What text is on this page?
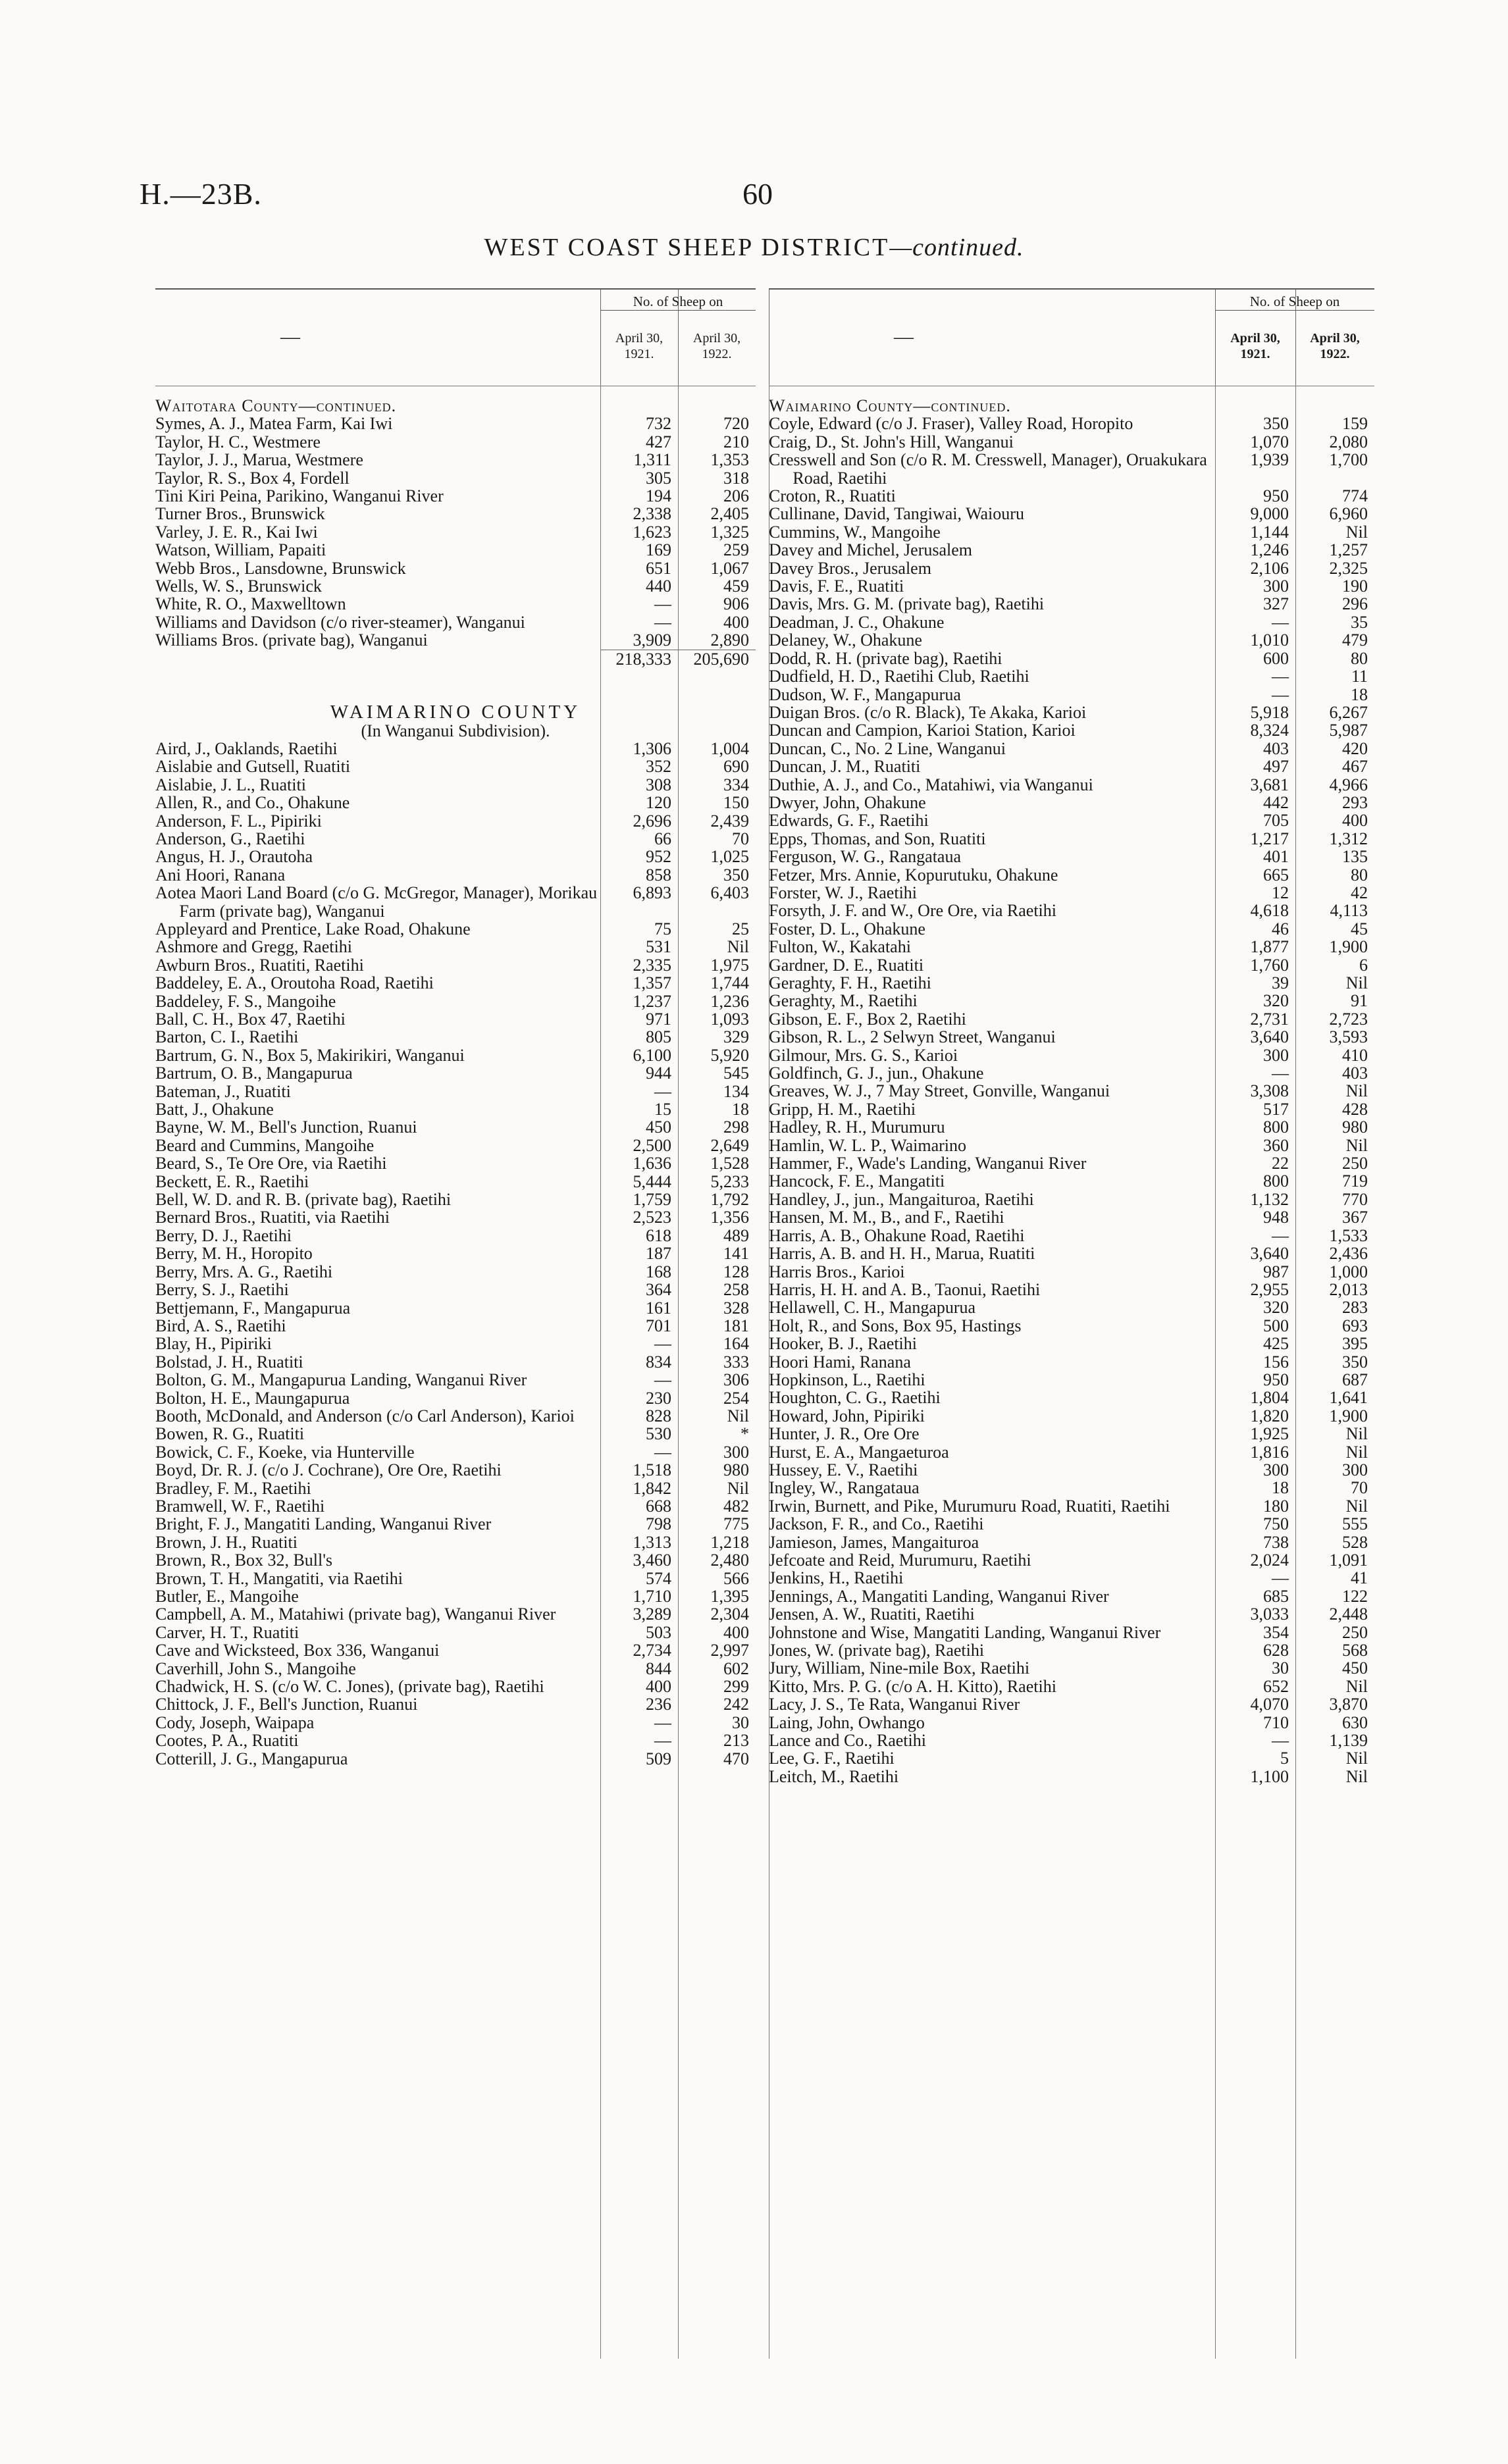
H.—23B.	60
WEST COAST SHEEP DISTRICT—continued.
—
No. of Sheep on
April 30,
1921.
April 30,
1922.
Waitotara County—continued.
Symes, A. J., Matea Farm, Kai Iwi	732	720
Taylor, H. C., Westmere	427	210
Taylor, J. J., Marua, Westmere	1,311	1,353
Taylor, R. S., Box 4, Fordell	305	318
Tini Kiri Peina, Parikino, Wanganui River	194	206
Turner Bros., Brunswick	2,338	2,405
Varley, J. E. R., Kai Iwi	1,623	1,325
Watson, William, Papaiti	169	259
Webb Bros., Lansdowne, Brunswick	651	1,067
Wells, W. S., Brunswick	440	459
White, R. O., Maxwelltown	—	906
Williams and Davidson (c/o river-steamer), Wanganui	—	400
Williams Bros. (private bag), Wanganui	3,909	2,890
218,333	205,690
WAIMARINO COUNTY
(In Wanganui Subdivision).
Aird, J., Oaklands, Raetihi	1,306	1,004
Aislabie and Gutsell, Ruatiti	352	690
Aislabie, J. L., Ruatiti	308	334
Allen, R., and Co., Ohakune	120	150
Anderson, F. L., Pipiriki	2,696	2,439
Anderson, G., Raetihi	66	70
Angus, H. J., Orautoha	952	1,025
Ani Hoori, Ranana	858	350
Aotea Maori Land Board (c/o G. McGregor, Manager), Morikau Farm (private bag), Wanganui
6,893	6,403
Appleyard and Prentice, Lake Road, Ohakune	75	25
Ashmore and Gregg, Raetihi	531	Nil
Awburn Bros., Ruatiti, Raetihi	2,335	1,975
Baddeley, E. A., Oroutoha Road, Raetihi	1,357	1,744
Baddeley, F. S., Mangoihe	1,237	1,236
Ball, C. H., Box 47, Raetihi	971	1,093
Barton, C. I., Raetihi	805	329
Bartrum, G. N., Box 5, Makirikiri, Wanganui	6,100	5,920
Bartrum, O. B., Mangapurua	944	545
Bateman, J., Ruatiti	—	134
Batt, J., Ohakune	15	18
Bayne, W. M., Bell's Junction, Ruanui	450	298
Beard and Cummins, Mangoihe	2,500	2,649
Beard, S., Te Ore Ore, via Raetihi	1,636	1,528
Beckett, E. R., Raetihi	5,444	5,233
Bell, W. D. and R. B. (private bag), Raetihi	1,759	1,792
Bernard Bros., Ruatiti, via Raetihi	2,523	1,356
Berry, D. J., Raetihi	618	489
Berry, M. H., Horopito	187	141
Berry, Mrs. A. G., Raetihi	168	128
Berry, S. J., Raetihi	364	258
Bettjemann, F., Mangapurua	161	328
Bird, A. S., Raetihi	701	181
Blay, H., Pipiriki	—	164
Bolstad, J. H., Ruatiti	834	333
Bolton, G. M., Mangapurua Landing, Wanganui River	—	306
Bolton, H. E., Maungapurua	230	254
Booth, McDonald, and Anderson (c/o Carl Anderson), Karioi	828	Nil
Bowen, R. G., Ruatiti	530	*
Bowick, C. F., Koeke, via Hunterville	—	300
Boyd, Dr. R. J. (c/o J. Cochrane), Ore Ore, Raetihi	1,518	980
Bradley, F. M., Raetihi	1,842	Nil
Bramwell, W. F., Raetihi	668	482
Bright, F. J., Mangatiti Landing, Wanganui River	798	775
Brown, J. H., Ruatiti	1,313	1,218
Brown, R., Box 32, Bull's	3,460	2,480
Brown, T. H., Mangatiti, via Raetihi	574	566
Butler, E., Mangoihe	1,710	1,395
Campbell, A. M., Matahiwi (private bag), Wanganui River	3,289	2,304
Carver, H. T., Ruatiti	503	400
Cave and Wicksteed, Box 336, Wanganui	2,734	2,997
Caverhill, John S., Mangoihe	844	602
Chadwick, H. S. (c/o W. C. Jones), (private bag), Raetihi	400	299
Chittock, J. F., Bell's Junction, Ruanui	236	242
Cody, Joseph, Waipapa	—	30
Cootes, P. A., Ruatiti	—	213
Cotterill, J. G., Mangapurua	509	470
—
No. of Sheep on
April 30,
1921.
April 30,
1922.
Waimarino County—continued.
Coyle, Edward (c/o J. Fraser), Valley Road, Horopito	350	159
Craig, D., St. John's Hill, Wanganui	1,070	2,080
Cresswell and Son (c/o R. M. Cresswell, Manager), Oruakukara Road, Raetihi
1,939	1,700
Croton, R., Ruatiti	950	774
Cullinane, David, Tangiwai, Waiouru	9,000	6,960
Cummins, W., Mangoihe	1,144	Nil
Davey and Michel, Jerusalem	1,246	1,257
Davey Bros., Jerusalem	2,106	2,325
Davis, F. E., Ruatiti	300	190
Davis, Mrs. G. M. (private bag), Raetihi	327	296
Deadman, J. C., Ohakune	—	35
Delaney, W., Ohakune	1,010	479
Dodd, R. H. (private bag), Raetihi	600	80
Dudfield, H. D., Raetihi Club, Raetihi	—	11
Dudson, W. F., Mangapurua	—	18
Duigan Bros. (c/o R. Black), Te Akaka, Karioi	5,918	6,267
Duncan and Campion, Karioi Station, Karioi	8,324	5,987
Duncan, C., No. 2 Line, Wanganui	403	420
Duncan, J. M., Ruatiti	497	467
Duthie, A. J., and Co., Matahiwi, via Wanganui	3,681	4,966
Dwyer, John, Ohakune	442	293
Edwards, G. F., Raetihi	705	400
Epps, Thomas, and Son, Ruatiti	1,217	1,312
Ferguson, W. G., Rangataua	401	135
Fetzer, Mrs. Annie, Kopurutuku, Ohakune	665	80
Forster, W. J., Raetihi	12	42
Forsyth, J. F. and W., Ore Ore, via Raetihi	4,618	4,113
Foster, D. L., Ohakune	46	45
Fulton, W., Kakatahi	1,877	1,900
Gardner, D. E., Ruatiti	1,760	6
Geraghty, F. H., Raetihi	39	Nil
Geraghty, M., Raetihi	320	91
Gibson, E. F., Box 2, Raetihi	2,731	2,723
Gibson, R. L., 2 Selwyn Street, Wanganui	3,640	3,593
Gilmour, Mrs. G. S., Karioi	300	410
Goldfinch, G. J., jun., Ohakune	—	403
Greaves, W. J., 7 May Street, Gonville, Wanganui	3,308	Nil
Gripp, H. M., Raetihi	517	428
Hadley, R. H., Murumuru	800	980
Hamlin, W. L. P., Waimarino	360	Nil
Hammer, F., Wade's Landing, Wanganui River	22	250
Hancock, F. E., Mangatiti	800	719
Handley, J., jun., Mangaituroa, Raetihi	1,132	770
Hansen, M. M., B., and F., Raetihi	948	367
Harris, A. B., Ohakune Road, Raetihi	—	1,533
Harris, A. B. and H. H., Marua, Ruatiti	3,640	2,436
Harris Bros., Karioi	987	1,000
Harris, H. H. and A. B., Taonui, Raetihi	2,955	2,013
Hellawell, C. H., Mangapurua	320	283
Holt, R., and Sons, Box 95, Hastings	500	693
Hooker, B. J., Raetihi	425	395
Hoori Hami, Ranana	156	350
Hopkinson, L., Raetihi	950	687
Houghton, C. G., Raetihi	1,804	1,641
Howard, John, Pipiriki	1,820	1,900
Hunter, J. R., Ore Ore	1,925	Nil
Hurst, E. A., Mangaeturoa	1,816	Nil
Hussey, E. V., Raetihi	300	300
Ingley, W., Rangataua	18	70
Irwin, Burnett, and Pike, Murumuru Road, Ruatiti, Raetihi	180	Nil
Jackson, F. R., and Co., Raetihi	750	555
Jamieson, James, Mangaituroa	738	528
Jefcoate and Reid, Murumuru, Raetihi	2,024	1,091
Jenkins, H., Raetihi	—	41
Jennings, A., Mangatiti Landing, Wanganui River	685	122
Jensen, A. W., Ruatiti, Raetihi	3,033	2,448
Johnstone and Wise, Mangatiti Landing, Wanganui River	354	250
Jones, W. (private bag), Raetihi	628	568
Jury, William, Nine-mile Box, Raetihi	30	450
Kitto, Mrs. P. G. (c/o A. H. Kitto), Raetihi	652	Nil
Lacy, J. S., Te Rata, Wanganui River	4,070	3,870
Laing, John, Owhango	710	630
Lance and Co., Raetihi	—	1,139
Lee, G. F., Raetihi	5	Nil
Leitch, M., Raetihi	1,100	Nil
